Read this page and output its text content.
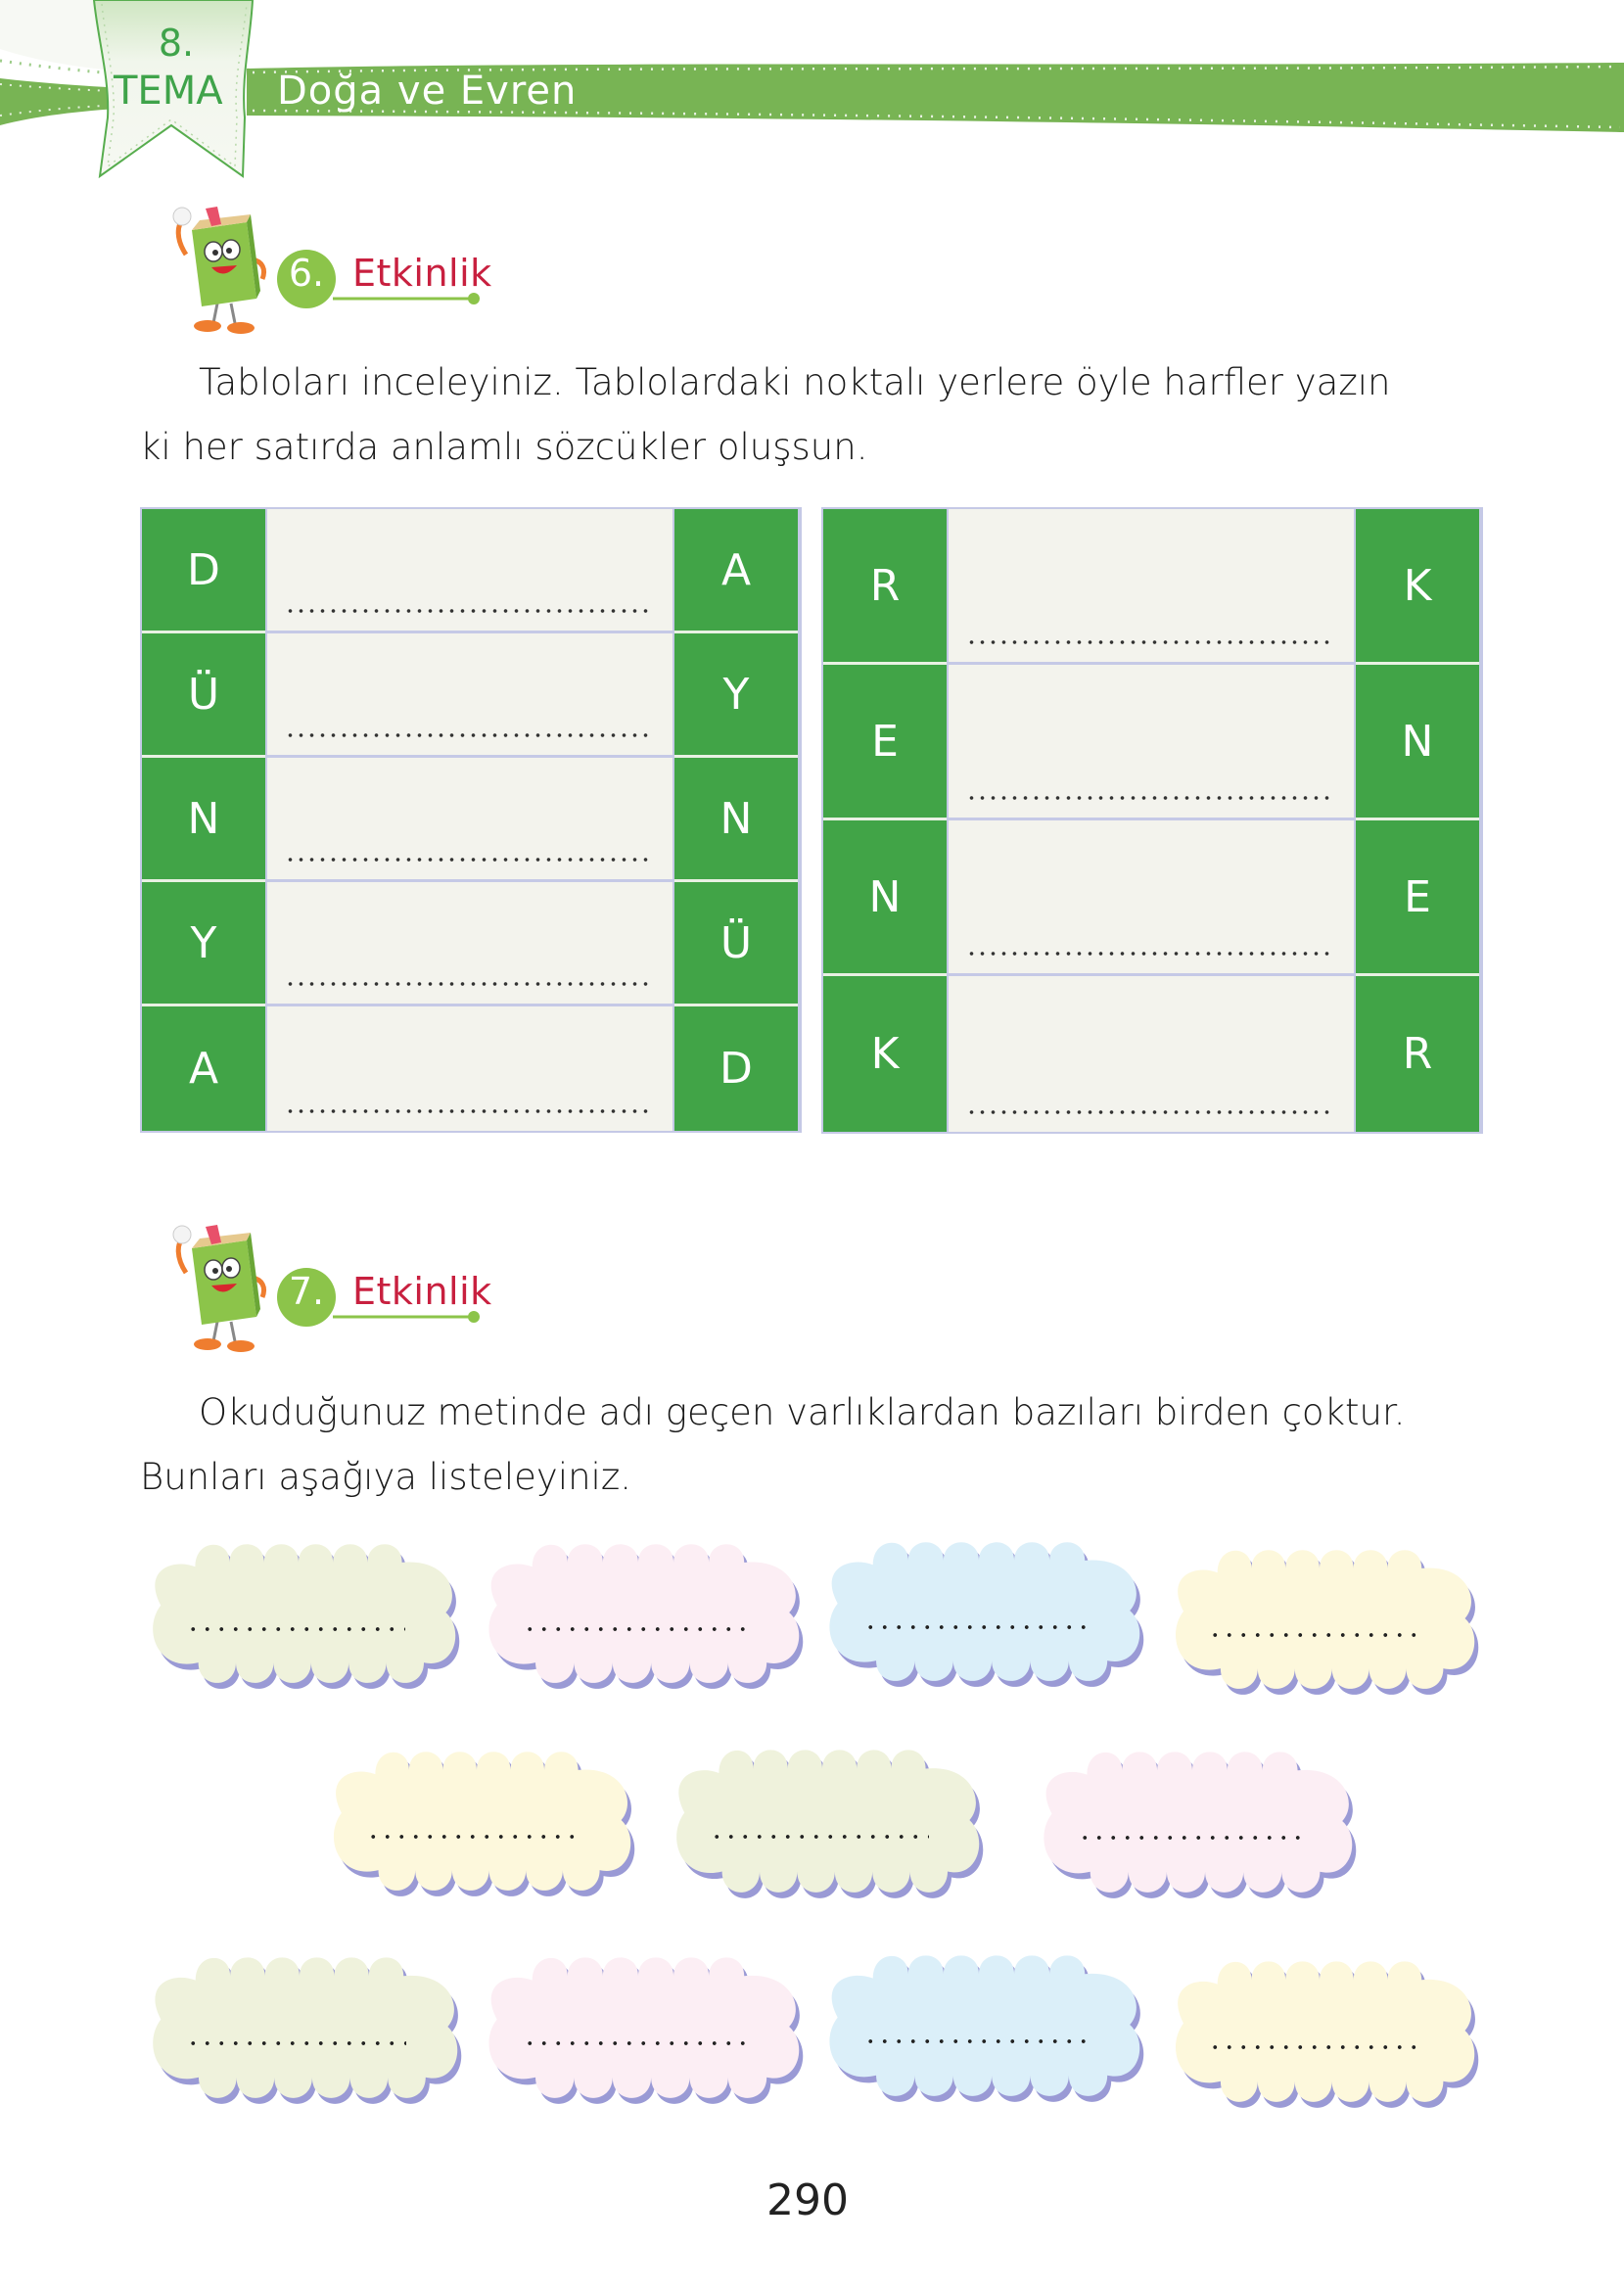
8.
TEMA Doğa ve Evren
6. Etkinlik
Tabloları inceleyiniz. Tablolardaki noktalı yerlere öyle harfler yazın
ki her satırda anlamlı sözcükler oluşsun.
D	A
Ü	Y
N	N
Y	Ü
A	D
R	K
E	N
N	E
K	R
7. Etkinlik
Okuduğunuz metinde adı geçen varlıklardan bazıları birden çoktur.
Bunları aşağıya listeleyiniz.
290
